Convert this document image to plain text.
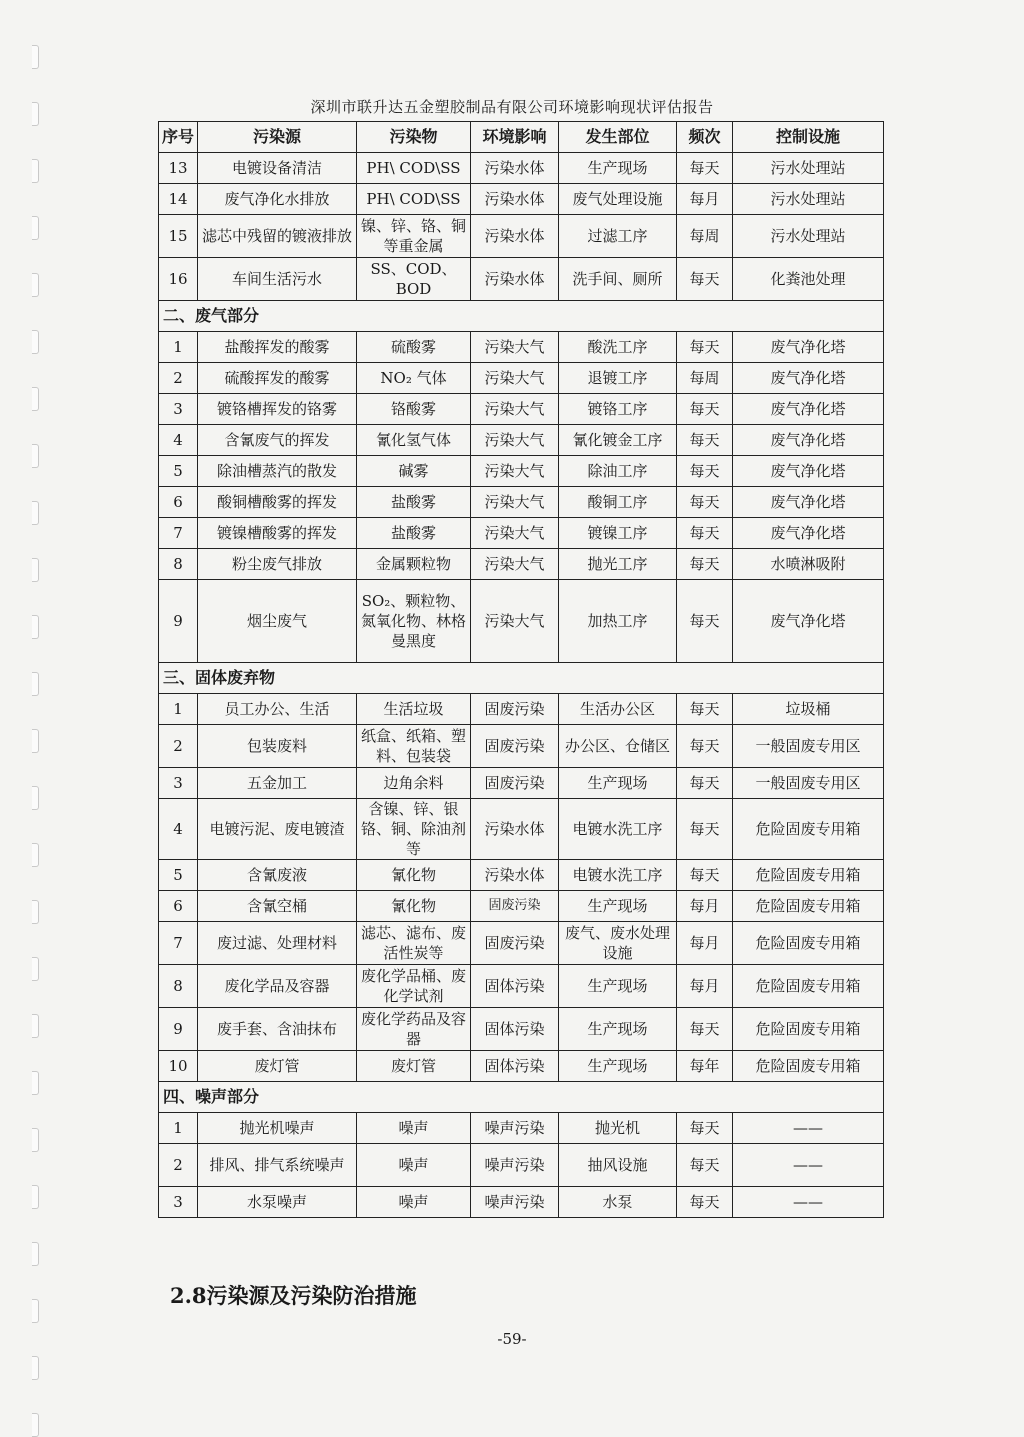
深圳市联升达五金塑胶制品有限公司环境影响现状评估报告
序号	污染源	污染物	环境影响	发生部位	频次	控制设施
13	电镀设备清洁	PH\ COD\SS	污染水体	生产现场	每天	污水处理站
14	废气净化水排放	PH\ COD\SS	污染水体	废气处理设施	每月	污水处理站
15	滤芯中残留的镀液排放	镍、锌、铬、铜等重金属	污染水体	过滤工序	每周	污水处理站
16	车间生活污水	SS、COD、BOD	污染水体	洗手间、厕所	每天	化粪池处理
二、废气部分						
1	盐酸挥发的酸雾	硫酸雾	污染大气	酸洗工序	每天	废气净化塔
2	硫酸挥发的酸雾	NO₂ 气体	污染大气	退镀工序	每周	废气净化塔
3	镀铬槽挥发的铬雾	铬酸雾	污染大气	镀铬工序	每天	废气净化塔
4	含氰废气的挥发	氰化氢气体	污染大气	氰化镀金工序	每天	废气净化塔
5	除油槽蒸汽的散发	碱雾	污染大气	除油工序	每天	废气净化塔
6	酸铜槽酸雾的挥发	盐酸雾	污染大气	酸铜工序	每天	废气净化塔
7	镀镍槽酸雾的挥发	盐酸雾	污染大气	镀镍工序	每天	废气净化塔
8	粉尘废气排放	金属颗粒物	污染大气	抛光工序	每天	水喷淋吸附
9	烟尘废气	SO₂、颗粒物、氮氧化物、林格曼黑度	污染大气	加热工序	每天	废气净化塔
三、固体废弃物						
1	员工办公、生活	生活垃圾	固废污染	生活办公区	每天	垃圾桶
2	包装废料	纸盒、纸箱、塑料、包装袋	固废污染	办公区、仓储区	每天	一般固废专用区
3	五金加工	边角余料	固废污染	生产现场	每天	一般固废专用区
4	电镀污泥、废电镀渣	含镍、锌、银铬、铜、除油剂等	污染水体	电镀水洗工序	每天	危险固废专用箱
5	含氰废液	氰化物	污染水体	电镀水洗工序	每天	危险固废专用箱
6	含氰空桶	氰化物	固废污染	生产现场	每月	危险固废专用箱
7	废过滤、处理材料	滤芯、滤布、废活性炭等	固废污染	废气、废水处理设施	每月	危险固废专用箱
8	废化学品及容器	废化学品桶、废化学试剂	固体污染	生产现场	每月	危险固废专用箱
9	废手套、含油抹布	废化学药品及容器	固体污染	生产现场	每天	危险固废专用箱
10	废灯管	废灯管	固体污染	生产现场	每年	危险固废专用箱
四、噪声部分						
1	抛光机噪声	噪声	噪声污染	抛光机	每天	——
2	排风、排气系统噪声	噪声	噪声污染	抽风设施	每天	——
3	水泵噪声	噪声	噪声污染	水泵	每天	——
2.8污染源及污染防治措施
-59-
